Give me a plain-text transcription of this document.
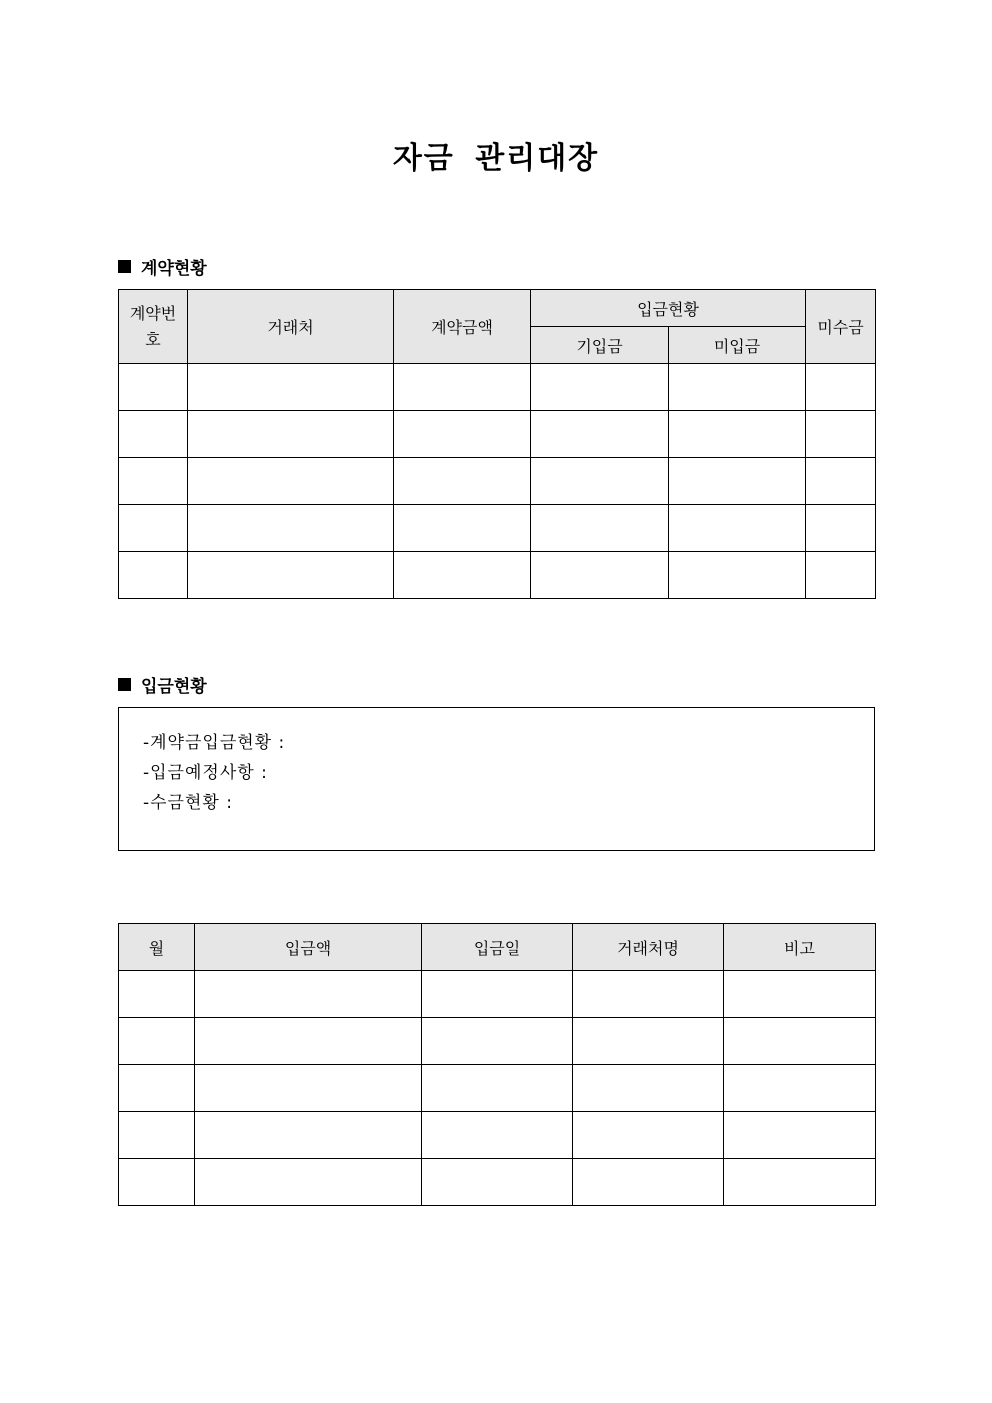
자금 관리대장
계약현황
계약번호	거래처	계약금액	입금현황		미수금
			기입금	미입금	

입금현황
-계약금입금현황 :
-입금예정사항 :
-수금현황 :
월	입금액	입금일	거래처명	비고
